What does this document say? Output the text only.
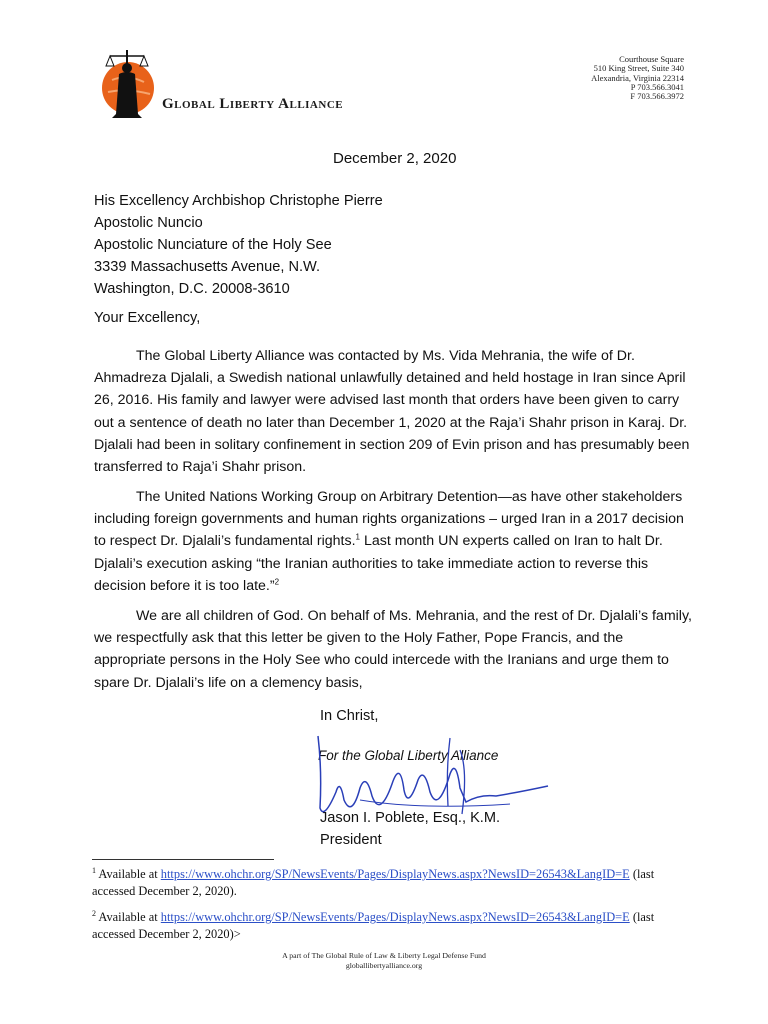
Global Liberty Alliance
Courthouse Square
510 King Street, Suite 340
Alexandria, Virginia 22314
P 703.566.3041
F 703.566.3972
December 2, 2020
His Excellency Archbishop Christophe Pierre
Apostolic Nuncio
Apostolic Nunciature of the Holy See
3339 Massachusetts Avenue, N.W.
Washington, D.C. 20008-3610
Your Excellency,

The Global Liberty Alliance was contacted by Ms. Vida Mehrania, the wife of Dr. Ahmadreza Djalali, a Swedish national unlawfully detained and held hostage in Iran since April 26, 2016. His family and lawyer were advised last month that orders have been given to carry out a sentence of death no later than December 1, 2020 at the Raja’i Shahr prison in Karaj. Dr. Djalali had been in solitary confinement in section 209 of Evin prison and has presumably been transferred to Raja’i Shahr prison.

The United Nations Working Group on Arbitrary Detention—as have other stakeholders including foreign governments and human rights organizations – urged Iran in a 2017 decision to respect Dr. Djalali’s fundamental rights.$^1$ Last month UN experts called on Iran to halt Dr. Djalali’s execution asking “the Iranian authorities to take immediate action to reverse this decision before it is too late.”$^2$

We are all children of God. On behalf of Ms. Mehrania, and the rest of Dr. Djalali’s family, we respectfully ask that this letter be given to the Holy Father, Pope Francis, and the appropriate persons in the Holy See who could intercede with the Iranians and urge them to spare Dr. Djalali’s life on a clemency basis,

In Christ,
For the Global Liberty Alliance
Jason I. Poblete, Esq., K.M.
President
$^1$ Available at https://www.ohchr.org/SP/NewsEvents/Pages/DisplayNews.aspx?NewsID=26543&LangID=E (last accessed December 2, 2020).
$^2$ Available at https://www.ohchr.org/SP/NewsEvents/Pages/DisplayNews.aspx?NewsID=26543&LangID=E (last accessed December 2, 2020)>
A part of The Global Rule of Law & Liberty Legal Defense Fund
globallibertyalliance.org
